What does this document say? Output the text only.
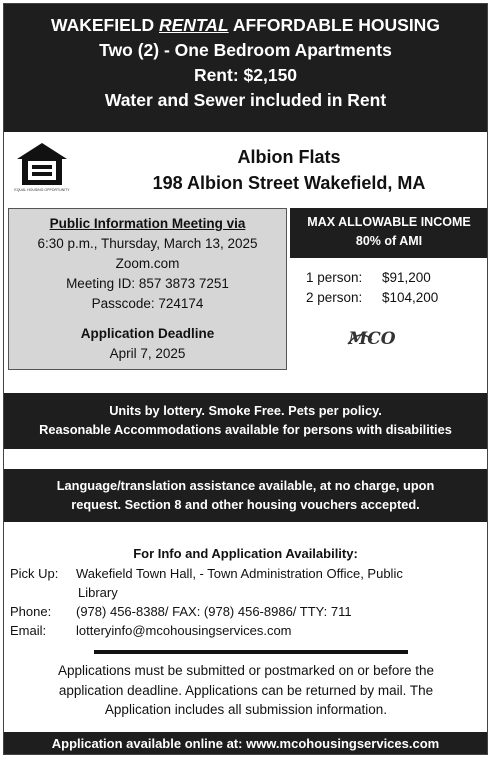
WAKEFIELD RENTAL AFFORDABLE HOUSING
Two (2) - One Bedroom Apartments
Rent: $2,150
Water and Sewer included in Rent
EQUAL HOUSING OPPORTUNITY
Albion Flats
198 Albion Street Wakefield, MA
Public Information Meeting via
6:30 p.m., Thursday, March 13, 2025
Zoom.com
Meeting ID: 857 3873 7251
Passcode: 724174
Application Deadline
April 7, 2025
MAX ALLOWABLE INCOME
80% of AMI
1 person:	$91,200
2 person:	$104,200
MCO
Units by lottery. Smoke Free. Pets per policy.
Reasonable Accommodations available for persons with disabilities
Language/translation assistance available, at no charge, upon
request. Section 8 and other housing vouchers accepted.
For Info and Application Availability:
Pick Up:	Wakefield Town Hall, - Town Administration Office, Public
Library
Phone:	(978) 456-8388/ FAX: (978) 456-8986/ TTY: 711
Email:	lotteryinfo@mcohousingservices.com
Applications must be submitted or postmarked on or before the
application deadline. Applications can be returned by mail. The
Application includes all submission information.
Application available online at: www.mcohousingservices.com
